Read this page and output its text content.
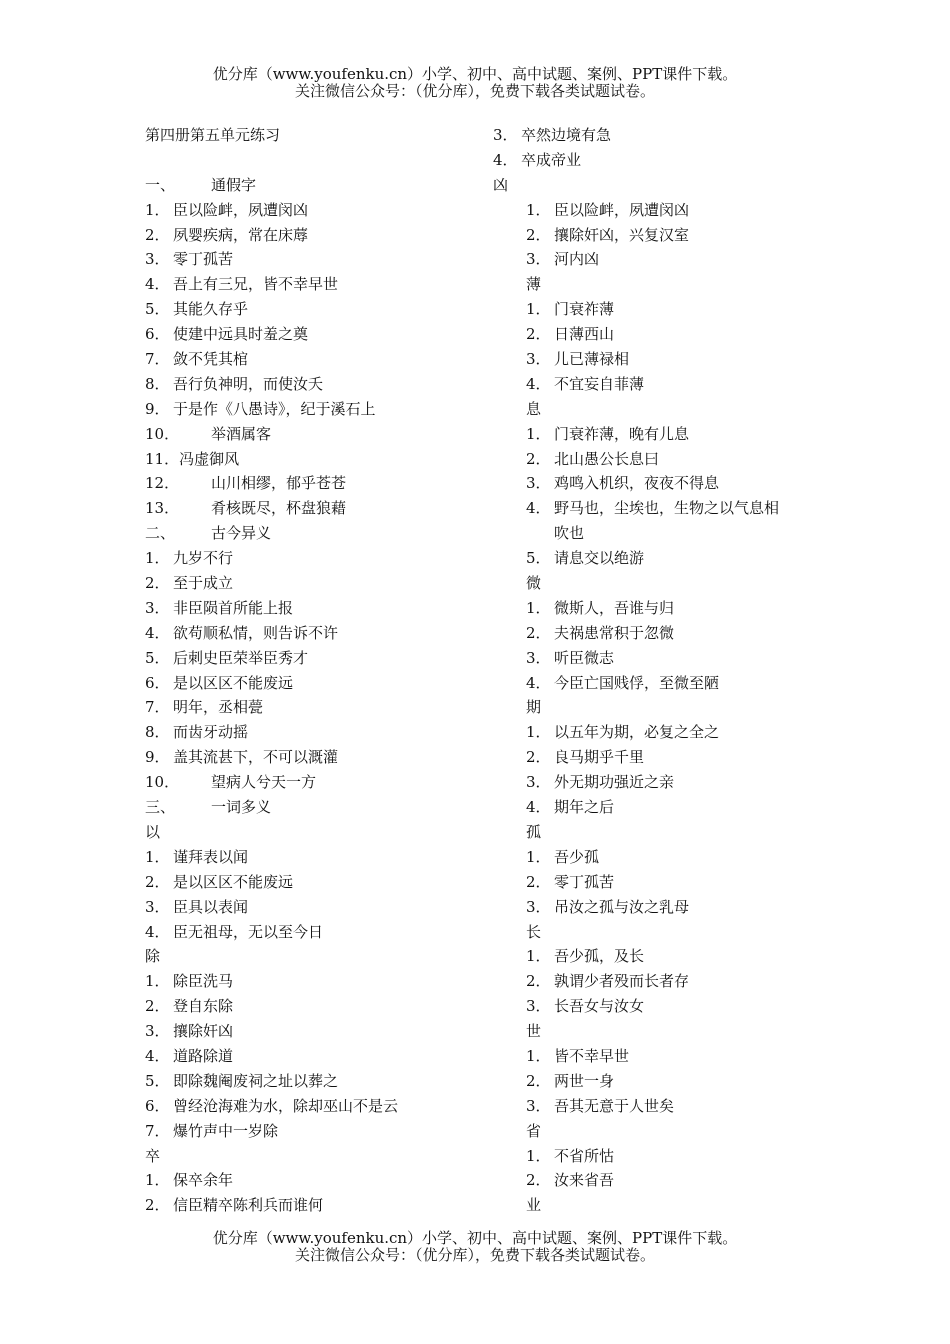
优分库（www.youfenku.cn）小学、初中、高中试题、案例、PPT课件下载。
关注微信公众号：（优分库），免费下载各类试题试卷。
第四册第五单元练习
一、 通假字
1． 臣以险衅，夙遭闵凶
2． 夙婴疾病，常在床蓐
3． 零丁孤苦
4． 吾上有三兄，皆不幸早世
5． 其能久存乎
6． 使建中远具时羞之奠
7． 敛不凭其棺
8． 吾行负神明，而使汝夭
9． 于是作《八愚诗》，纪于溪石上
10． 举酒属客
11．冯虚御风
12． 山川相缪，郁乎苍苍
13． 肴核既尽，杯盘狼藉
二、 古今异义
1． 九岁不行
2． 至于成立
3． 非臣陨首所能上报
4． 欲苟顺私情，则告诉不许
5． 后刺史臣荣举臣秀才
6． 是以区区不能废远
7． 明年，丞相甍
8． 而齿牙动摇
9． 盖其流甚下，不可以溉灌
10． 望病人兮天一方
三、 一词多义
以
1． 谨拜表以闻
2． 是以区区不能废远
3． 臣具以表闻
4． 臣无祖母，无以至今日
除
1． 除臣洗马
2． 登自东除
3． 攘除奸凶
4． 道路除道
5． 即除魏阉废祠之址以葬之
6． 曾经沧海难为水，除却巫山不是云
7． 爆竹声中一岁除
卒
1． 保卒余年
2． 信臣精卒陈利兵而谁何
3． 卒然边境有急
4． 卒成帝业
凶
1． 臣以险衅，夙遭闵凶
2． 攘除奸凶，兴复汉室
3． 河内凶
薄
1． 门衰祚薄
2． 日薄西山
3． 儿已薄禄相
4． 不宜妄自菲薄
息
1． 门衰祚薄，晚有儿息
2． 北山愚公长息曰
3． 鸡鸣入机织，夜夜不得息
4． 野马也，尘埃也，生物之以气息相
吹也
5． 请息交以绝游
微
1． 微斯人，吾谁与归
2． 夫祸患常积于忽微
3． 听臣微志
4． 今臣亡国贱俘，至微至陋
期
1． 以五年为期，必复之全之
2． 良马期乎千里
3． 外无期功强近之亲
4． 期年之后
孤
1． 吾少孤
2． 零丁孤苦
3． 吊汝之孤与汝之乳母
长
1． 吾少孤，及长
2． 孰谓少者殁而长者存
3． 长吾女与汝女
世
1． 皆不幸早世
2． 两世一身
3． 吾其无意于人世矣
省
1． 不省所怙
2． 汝来省吾
业
优分库（www.youfenku.cn）小学、初中、高中试题、案例、PPT课件下载。
关注微信公众号：（优分库），免费下载各类试题试卷。
